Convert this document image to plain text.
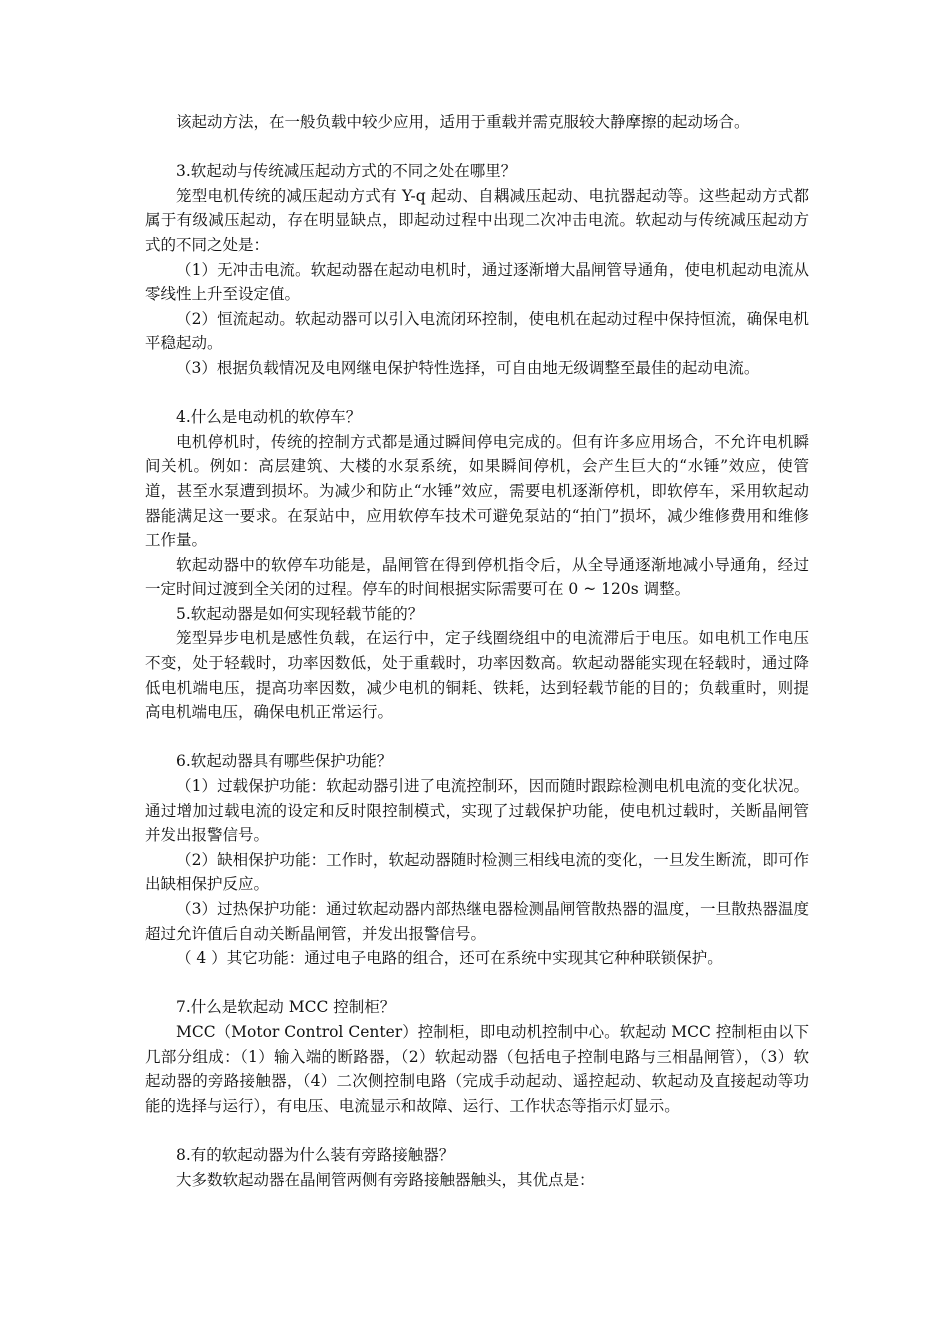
该起动方法，在一般负载中较少应用，适用于重载并需克服较大静摩擦的起动场合。

3.软起动与传统减压起动方式的不同之处在哪里？

笼型电机传统的减压起动方式有 Y-q 起动、自耦减压起动、电抗器起动等。这些起动方式都属于有级减压起动，存在明显缺点，即起动过程中出现二次冲击电流。软起动与传统减压起动方式的不同之处是：

（1）无冲击电流。软起动器在起动电机时，通过逐渐增大晶闸管导通角，使电机起动电流从零线性上升至设定值。

（2）恒流起动。软起动器可以引入电流闭环控制，使电机在起动过程中保持恒流，确保电机平稳起动。

（3）根据负载情况及电网继电保护特性选择，可自由地无级调整至最佳的起动电流。

4.什么是电动机的软停车？

电机停机时，传统的控制方式都是通过瞬间停电完成的。但有许多应用场合，不允许电机瞬间关机。例如：高层建筑、大楼的水泵系统，如果瞬间停机，会产生巨大的“水锤”效应，使管道，甚至水泵遭到损坏。为减少和防止“水锤”效应，需要电机逐渐停机，即软停车，采用软起动器能满足这一要求。在泵站中，应用软停车技术可避免泵站的“拍门”损坏，减少维修费用和维修工作量。

软起动器中的软停车功能是，晶闸管在得到停机指令后，从全导通逐渐地减小导通角，经过一定时间过渡到全关闭的过程。停车的时间根据实际需要可在 0 ~ 120s 调整。

5.软起动器是如何实现轻载节能的？

笼型异步电机是感性负载，在运行中，定子线圈绕组中的电流滞后于电压。如电机工作电压不变，处于轻载时，功率因数低，处于重载时，功率因数高。软起动器能实现在轻载时，通过降低电机端电压，提高功率因数，减少电机的铜耗、铁耗，达到轻载节能的目的；负载重时，则提高电机端电压，确保电机正常运行。

6.软起动器具有哪些保护功能？

（1）过载保护功能：软起动器引进了电流控制环，因而随时跟踪检测电机电流的变化状况。通过增加过载电流的设定和反时限控制模式，实现了过载保护功能，使电机过载时，关断晶闸管并发出报警信号。

（2）缺相保护功能：工作时，软起动器随时检测三相线电流的变化，一旦发生断流，即可作出缺相保护反应。

（3）过热保护功能：通过软起动器内部热继电器检测晶闸管散热器的温度，一旦散热器温度超过允许值后自动关断晶闸管，并发出报警信号。

（ 4 ）其它功能：通过电子电路的组合，还可在系统中实现其它种种联锁保护。

7.什么是软起动 MCC 控制柜？

MCC（Motor Control Center）控制柜，即电动机控制中心。软起动 MCC 控制柜由以下几部分组成：（1）输入端的断路器，（2）软起动器（包括电子控制电路与三相晶闸管），（3）软起动器的旁路接触器，（4）二次侧控制电路（完成手动起动、遥控起动、软起动及直接起动等功能的选择与运行），有电压、电流显示和故障、运行、工作状态等指示灯显示。

8.有的软起动器为什么装有旁路接触器？

大多数软起动器在晶闸管两侧有旁路接触器触头，其优点是：
